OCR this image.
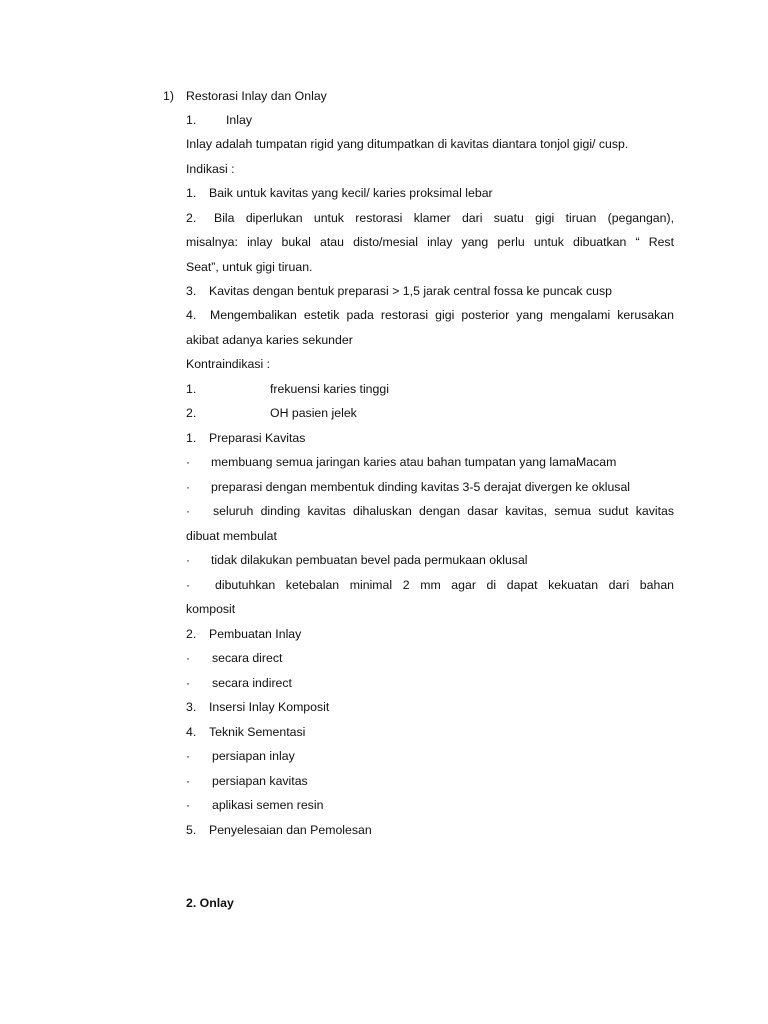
1) Restorasi Inlay dan Onlay
1. Inlay
Inlay adalah tumpatan rigid yang ditumpatkan di kavitas diantara tonjol gigi/ cusp.
Indikasi :
1. Baik untuk kavitas yang kecil/ karies proksimal lebar
2. Bila diperlukan untuk restorasi klamer dari suatu gigi tiruan (pegangan),
misalnya: inlay bukal atau disto/mesial inlay yang perlu untuk dibuatkan “ Rest
Seat”, untuk gigi tiruan.
3. Kavitas dengan bentuk preparasi > 1,5 jarak central fossa ke puncak cusp
4. Mengembalikan estetik pada restorasi gigi posterior yang mengalami kerusakan
akibat adanya karies sekunder
Kontraindikasi :
1.	frekuensi karies tinggi
2.	OH pasien jelek
1. Preparasi Kavitas
· membuang semua jaringan karies atau bahan tumpatan yang lamaMacam
· preparasi dengan membentuk dinding kavitas 3-5 derajat divergen ke oklusal
· seluruh dinding kavitas dihaluskan dengan dasar kavitas, semua sudut kavitas
dibuat membulat
· tidak dilakukan pembuatan bevel pada permukaan oklusal
· dibutuhkan ketebalan minimal 2 mm agar di dapat kekuatan dari bahan
komposit
2. Pembuatan Inlay
· secara direct
· secara indirect
3. Insersi Inlay Komposit
4. Teknik Sementasi
· persiapan inlay
· persiapan kavitas
· aplikasi semen resin
5. Penyelesaian dan Pemolesan
2. Onlay
